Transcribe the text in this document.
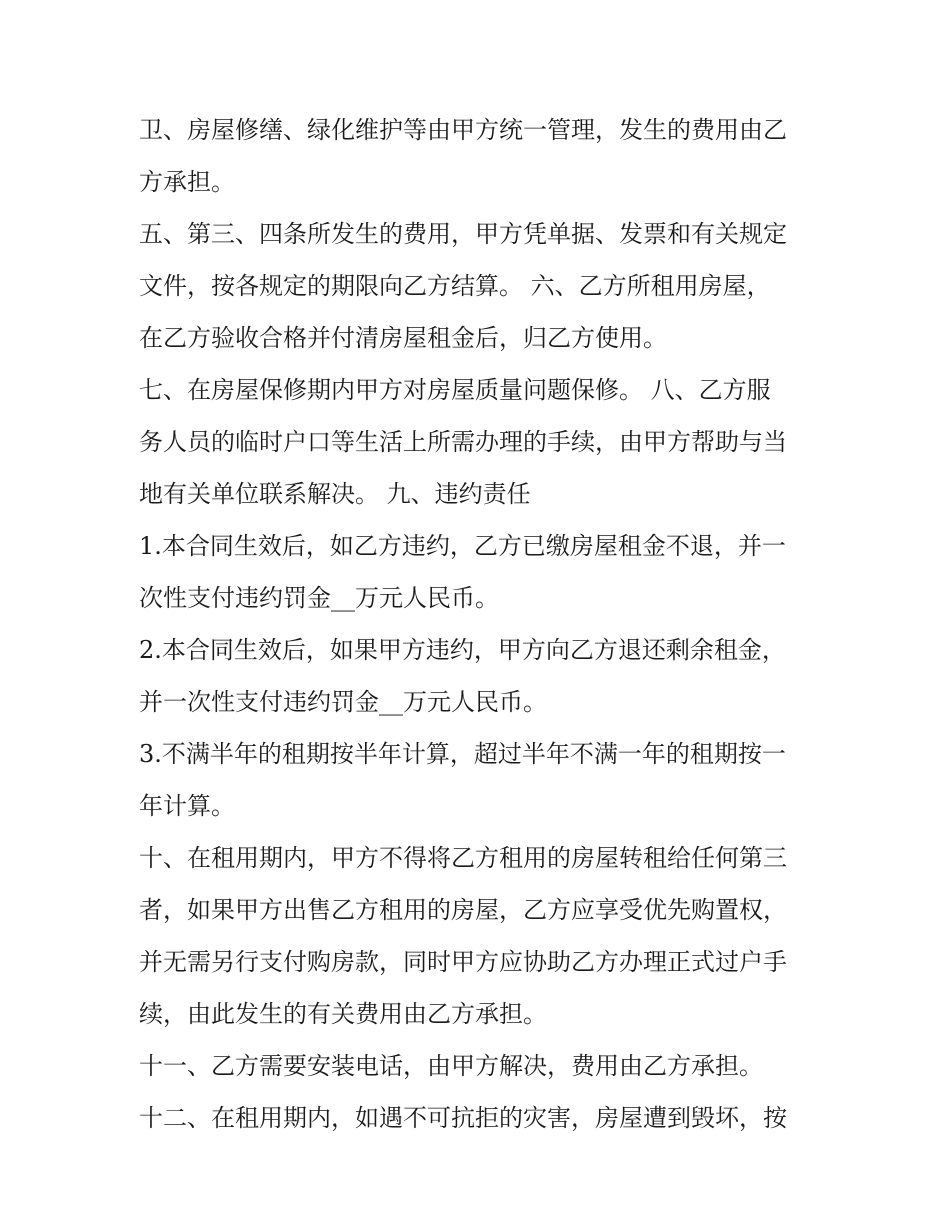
卫、房屋修缮、绿化维护等由甲方统一管理，发生的费用由乙
方承担。
五、第三、四条所发生的费用，甲方凭单据、发票和有关规定
文件，按各规定的期限向乙方结算。 六、乙方所租用房屋，
在乙方验收合格并付清房屋租金后，归乙方使用。
七、在房屋保修期内甲方对房屋质量问题保修。 八、乙方服
务人员的临时户口等生活上所需办理的手续，由甲方帮助与当
地有关单位联系解决。 九、违约责任
1.本合同生效后，如乙方违约，乙方已缴房屋租金不退，并一
次性支付违约罚金__万元人民币。
2.本合同生效后，如果甲方违约，甲方向乙方退还剩余租金，
并一次性支付违约罚金__万元人民币。
3.不满半年的租期按半年计算，超过半年不满一年的租期按一
年计算。
十、在租用期内，甲方不得将乙方租用的房屋转租给任何第三
者，如果甲方出售乙方租用的房屋，乙方应享受优先购置权，
并无需另行支付购房款，同时甲方应协助乙方办理正式过户手
续，由此发生的有关费用由乙方承担。
十一、乙方需要安装电话，由甲方解决，费用由乙方承担。
十二、在租用期内，如遇不可抗拒的灾害，房屋遭到毁坏，按
